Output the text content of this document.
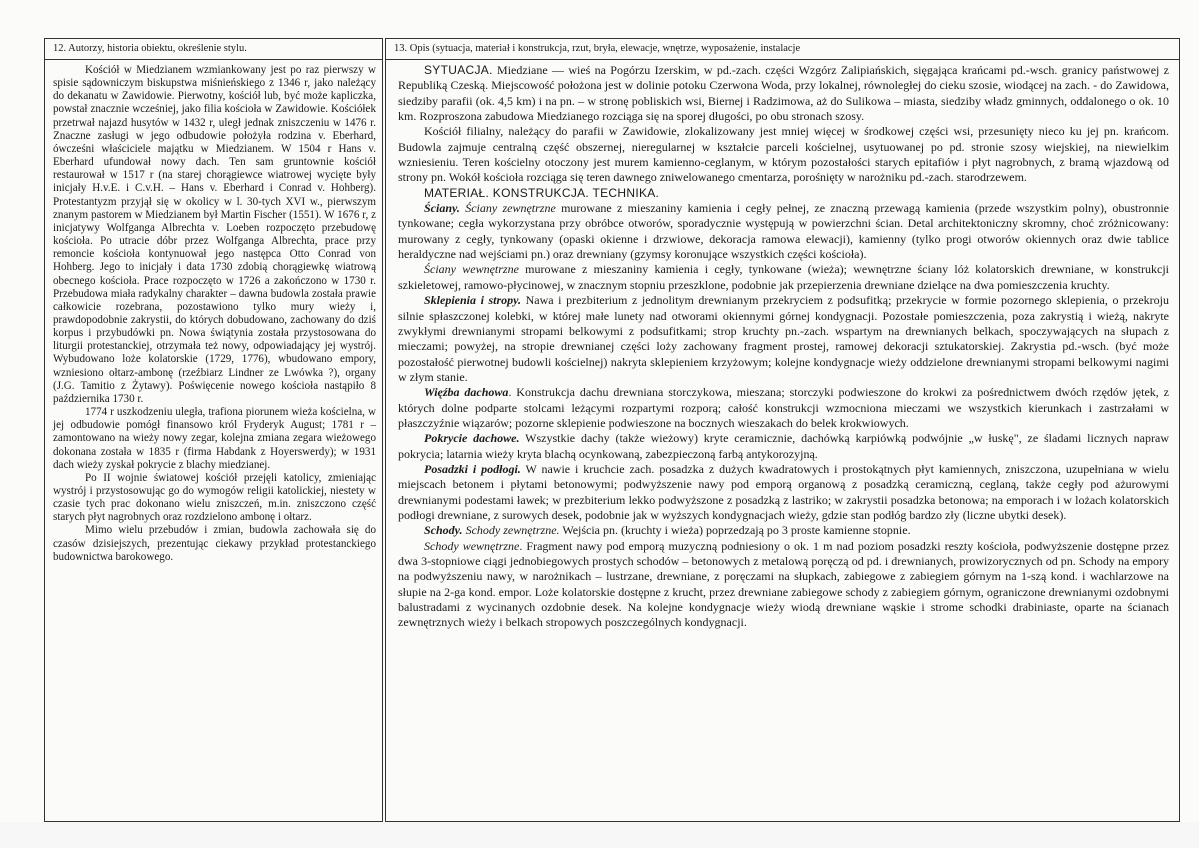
12. Autorzy, historia obiektu, określenie stylu.

Kościół w Miedzianem wzmiankowany jest po raz pierwszy w spisie sądowniczym biskupstwa miśnieńskiego z 1346 r, jako należący do dekanatu w Zawidowie. Pierwotny, kościół lub, być może kapliczka, powstał znacznie wcześniej, jako filia kościoła w Zawidowie. Kościółek przetrwał najazd husytów w 1432 r, uległ jednak zniszczeniu w 1476 r. Znaczne zasługi w jego odbudowie położyła rodzina v. Eberhard, ówcześni właściciele majątku w Miedzianem. W 1504 r Hans v. Eberhard ufundował nowy dach. Ten sam gruntownie kościół restaurował w 1517 r (na starej chorągiewce wiatrowej wycięte były inicjały H.v.E. i C.v.H. – Hans v. Eberhard i Conrad v. Hohberg). Protestantyzm przyjął się w okolicy w l. 30-tych XVI w., pierwszym znanym pastorem w Miedzianem był Martin Fischer (1551). W 1676 r, z inicjatywy Wolfganga Albrechta v. Loeben rozpoczęto przebudowę kościoła. Po utracie dóbr przez Wolfganga Albrechta, prace przy remoncie kościoła kontynuował jego następca Otto Conrad von Hohberg. Jego to inicjały i data 1730 zdobią chorągiewkę wiatrową obecnego kościoła. Prace rozpoczęto w 1726 a zakończono w 1730 r. Przebudowa miała radykalny charakter – dawna budowla została prawie całkowicie rozebrana, pozostawiono tylko mury wieży i, prawdopodobnie zakrystii, do których dobudowano, zachowany do dziś korpus i przybudówki pn. Nowa świątynia została przystosowana do liturgii protestanckiej, otrzymała też nowy, odpowiadający jej wystrój. Wybudowano loże kolatorskie (1729, 1776), wbudowano empory, wzniesiono ołtarz-ambonę (rzeźbiarz Lindner ze Lwówka ?), organy (J.G. Tamitio z Żytawy). Poświęcenie nowego kościoła nastąpiło 8 października 1730 r.

1774 r uszkodzeniu uległa, trafiona piorunem wieża kościelna, w jej odbudowie pomógł finansowo król Fryderyk August; 1781 r – zamontowano na wieży nowy zegar, kolejna zmiana zegara wieżowego dokonana została w 1835 r (firma Habdank z Hoyerswerdy); w 1931 dach wieży zyskał pokrycie z blachy miedzianej.

Po II wojnie światowej kościół przejęli katolicy, zmieniając wystrój i przystosowując go do wymogów religii katolickiej, niestety w czasie tych prac dokonano wielu zniszczeń, m.in. zniszczono część starych płyt nagrobnych oraz rozdzielono ambonę i ołtarz.

Mimo wielu przebudów i zmian, budowla zachowała się do czasów dzisiejszych, prezentując ciekawy przykład protestanckiego budownictwa barokowego.

13. Opis (sytuacja, materiał i konstrukcja, rzut, bryła, elewacje, wnętrze, wyposażenie, instalacje

SYTUACJA. Miedziane — wieś na Pogórzu Izerskim, w pd.-zach. części Wzgórz Zalipiańskich, sięgająca krańcami pd.-wsch. granicy państwowej z Republiką Czeską. Miejscowość położona jest w dolinie potoku Czerwona Woda, przy lokalnej, równoległej do cieku szosie, wiodącej na zach. - do Zawidowa, siedziby parafii (ok. 4,5 km) i na pn. – w stronę pobliskich wsi, Biernej i Radzimowa, aż do Sulikowa – miasta, siedziby władz gminnych, oddalonego o ok. 10 km. Rozproszona zabudowa Miedzianego rozciąga się na sporej długości, po obu stronach szosy.

Kościół filialny, należący do parafii w Zawidowie, zlokalizowany jest mniej więcej w środkowej części wsi, przesunięty nieco ku jej pn. krańcom. Budowla zajmuje centralną część obszernej, nieregularnej w kształcie parceli kościelnej, usytuowanej po pd. stronie szosy wiejskiej, na niewielkim wzniesieniu. Teren kościelny otoczony jest murem kamienno-ceglanym, w którym pozostałości starych epitafiów i płyt nagrobnych, z bramą wjazdową od strony pn. Wokół kościoła rozciąga się teren dawnego zniwelowanego cmentarza, porośnięty w narożniku pd.-zach. starodrzewem.

MATERIAŁ. KONSTRUKCJA. TECHNIKA.

Ściany. Ściany zewnętrzne murowane z mieszaniny kamienia i cegły pełnej, ze znaczną przewagą kamienia (przede wszystkim polny), obustronnie tynkowane; cegła wykorzystana przy obróbce otworów, sporadycznie występują w powierzchni ścian. Detal architektoniczny skromny, choć zróżnicowany: murowany z cegły, tynkowany (opaski okienne i drzwiowe, dekoracja ramowa elewacji), kamienny (tylko progi otworów okiennych oraz dwie tablice heraldyczne nad wejściami pn.) oraz drewniany (gzymsy koronujące wszystkich części kościoła).

Ściany wewnętrzne murowane z mieszaniny kamienia i cegły, tynkowane (wieża); wewnętrzne ściany lóż kolatorskich drewniane, w konstrukcji szkieletowej, ramowo-płycinowej, w znacznym stopniu przeszklone, podobnie jak przepierzenia drewniane dzielące na dwa pomieszczenia kruchty.

Sklepienia i stropy. Nawa i prezbiterium z jednolitym drewnianym przekryciem z podsufitką; przekrycie w formie pozornego sklepienia, o przekroju silnie spłaszczonej kolebki, w której małe lunety nad otworami okiennymi górnej kondygnacji. Pozostałe pomieszczenia, poza zakrystią i wieżą, nakryte zwykłymi drewnianymi stropami belkowymi z podsufitkami; strop kruchty pn.-zach. wspartym na drewnianych belkach, spoczywających na słupach z mieczami; powyżej, na stropie drewnianej części loży zachowany fragment prostej, ramowej dekoracji sztukatorskiej. Zakrystia pd.-wsch. (być może pozostałość pierwotnej budowli kościelnej) nakryta sklepieniem krzyżowym; kolejne kondygnacje wieży oddzielone drewnianymi stropami belkowymi nagimi w złym stanie.

Więźba dachowa. Konstrukcja dachu drewniana storczykowa, mieszana; storczyki podwieszone do krokwi za pośrednictwem dwóch rzędów jętek, z których dolne podparte stolcami leżącymi rozpartymi rozporą; całość konstrukcji wzmocniona mieczami we wszystkich kierunkach i zastrzałami w płaszczyźnie wiązarów; pozorne sklepienie podwieszone na bocznych wieszakach do belek krokwiowych.

Pokrycie dachowe. Wszystkie dachy (także wieżowy) kryte ceramicznie, dachówką karpiówką podwójnie „w łuskę", ze śladami licznych napraw pokrycia; latarnia wieży kryta blachą ocynkowaną, zabezpieczoną farbą antykorozyjną.

Posadzki i podłogi. W nawie i kruchcie zach. posadzka z dużych kwadratowych i prostokątnych płyt kamiennych, zniszczona, uzupełniana w wielu miejscach betonem i płytami betonowymi; podwyższenie nawy pod emporą organową z posadzką ceramiczną, ceglaną, także cegły pod ażurowymi drewnianymi podestami ławek; w prezbiterium lekko podwyższone z posadzką z lastriko; w zakrystii posadzka betonowa; na emporach i w lożach kolatorskich podłogi drewniane, z surowych desek, podobnie jak w wyższych kondygnacjach wieży, gdzie stan podłóg bardzo zły (liczne ubytki desek).

Schody. Schody zewnętrzne. Wejścia pn. (kruchty i wieża) poprzedzają po 3 proste kamienne stopnie.

Schody wewnętrzne. Fragment nawy pod emporą muzyczną podniesiony o ok. 1 m nad poziom posadzki reszty kościoła, podwyższenie dostępne przez dwa 3-stopniowe ciągi jednobiegowych prostych schodów – betonowych z metalową poręczą od pd. i drewnianych, prowizorycznych od pn. Schody na empory na podwyższeniu nawy, w narożnikach – lustrzane, drewniane, z poręczami na słupkach, zabiegowe z zabiegiem górnym na 1-szą kond. i wachlarzowe na słupie na 2-ga kond. empor. Loże kolatorskie dostępne z krucht, przez drewniane zabiegowe schody z zabiegiem górnym, ograniczone drewnianymi ozdobnymi balustradami z wycinanych ozdobnie desek. Na kolejne kondygnacje wieży wiodą drewniane wąskie i strome schodki drabiniaste, oparte na ścianach zewnętrznych wieży i belkach stropowych poszczególnych kondygnacji.
